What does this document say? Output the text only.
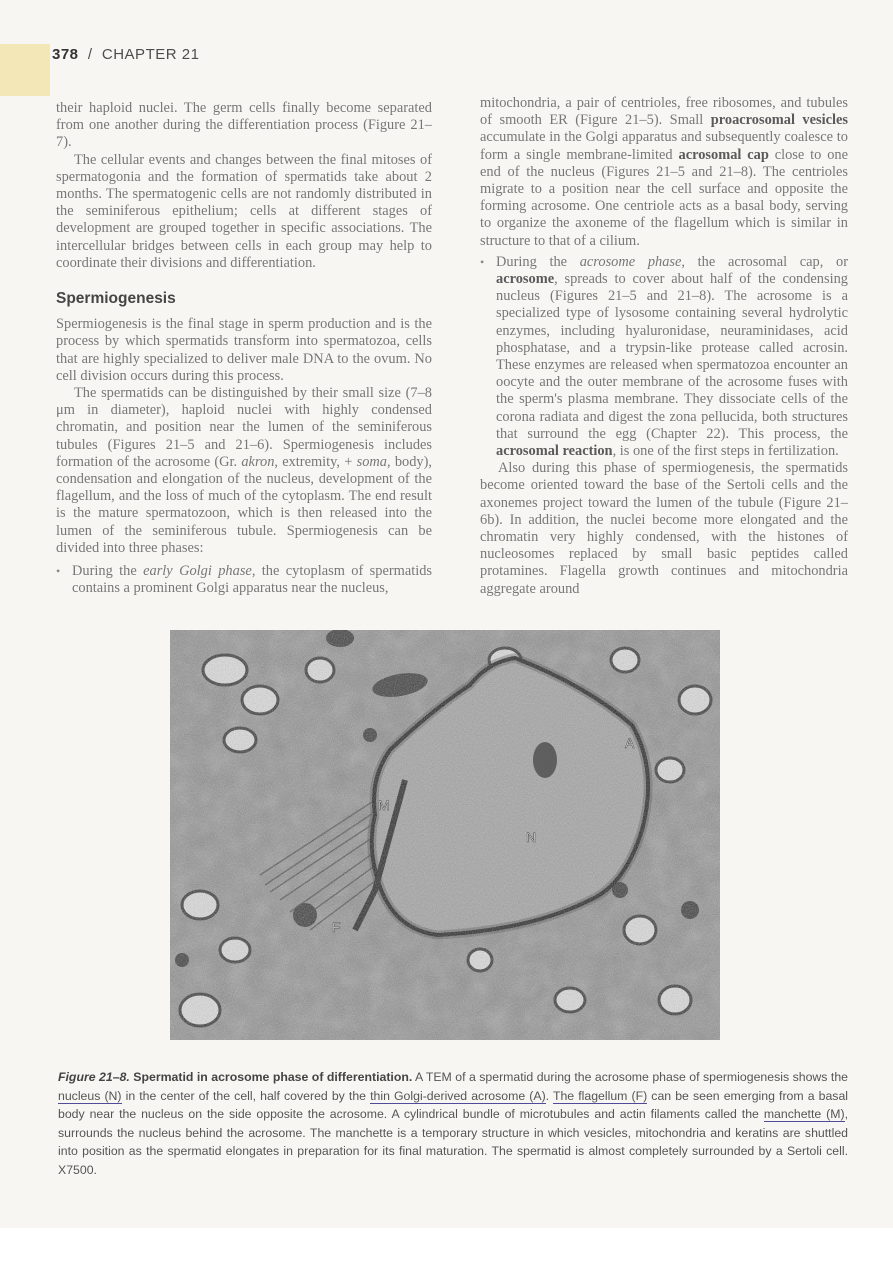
378 / CHAPTER 21

their haploid nuclei. The germ cells finally become separated from one another during the differentiation process (Figure 21–7).

The cellular events and changes between the final mitoses of spermatogonia and the formation of spermatids take about 2 months. The spermatogenic cells are not randomly distributed in the seminiferous epithelium; cells at different stages of development are grouped together in specific associations. The intercellular bridges between cells in each group may help to coordinate their divisions and differentiation.

Spermiogenesis

Spermiogenesis is the final stage in sperm production and is the process by which spermatids transform into spermatozoa, cells that are highly specialized to deliver male DNA to the ovum. No cell division occurs during this process.

The spermatids can be distinguished by their small size (7–8 μm in diameter), haploid nuclei with highly condensed chromatin, and position near the lumen of the seminiferous tubules (Figures 21–5 and 21–6). Spermiogenesis includes formation of the acrosome (Gr. akron, extremity, + soma, body), condensation and elongation of the nucleus, development of the flagellum, and the loss of much of the cytoplasm. The end result is the mature spermatozoon, which is then released into the lumen of the seminiferous tubule. Spermiogenesis can be divided into three phases:

• During the early Golgi phase, the cytoplasm of spermatids contains a prominent Golgi apparatus near the nucleus,

mitochondria, a pair of centrioles, free ribosomes, and tubules of smooth ER (Figure 21–5). Small proacrosomal vesicles accumulate in the Golgi apparatus and subsequently coalesce to form a single membrane-limited acrosomal cap close to one end of the nucleus (Figures 21–5 and 21–8). The centrioles migrate to a position near the cell surface and opposite the forming acrosome. One centriole acts as a basal body, serving to organize the axoneme of the flagellum which is similar in structure to that of a cilium.

• During the acrosome phase, the acrosomal cap, or acrosome, spreads to cover about half of the condensing nucleus (Figures 21–5 and 21–8). The acrosome is a specialized type of lysosome containing several hydrolytic enzymes, including hyaluronidase, neuraminidases, acid phosphatase, and a trypsin-like protease called acrosin. These enzymes are released when spermatozoa encounter an oocyte and the outer membrane of the acrosome fuses with the sperm's plasma membrane. They dissociate cells of the corona radiata and digest the zona pellucida, both structures that surround the egg (Chapter 22). This process, the acrosomal reaction, is one of the first steps in fertilization.

Also during this phase of spermiogenesis, the spermatids become oriented toward the base of the Sertoli cells and the axonemes project toward the lumen of the tubule (Figure 21–6b). In addition, the nuclei become more elongated and the chromatin very highly condensed, with the histones of nucleosomes replaced by small basic peptides called protamines. Flagella growth continues and mitochondria aggregate around

A
M
N
F
Figure 21–8. Spermatid in acrosome phase of differentiation. A TEM of a spermatid during the acrosome phase of spermiogenesis shows the nucleus (N) in the center of the cell, half covered by the thin Golgi-derived acrosome (A). The flagellum (F) can be seen emerging from a basal body near the nucleus on the side opposite the acrosome. A cylindrical bundle of microtubules and actin filaments called the manchette (M), surrounds the nucleus behind the acrosome. The manchette is a temporary structure in which vesicles, mitochondria and keratins are shuttled into position as the spermatid elongates in preparation for its final maturation. The spermatid is almost completely surrounded by a Sertoli cell. X7500.
